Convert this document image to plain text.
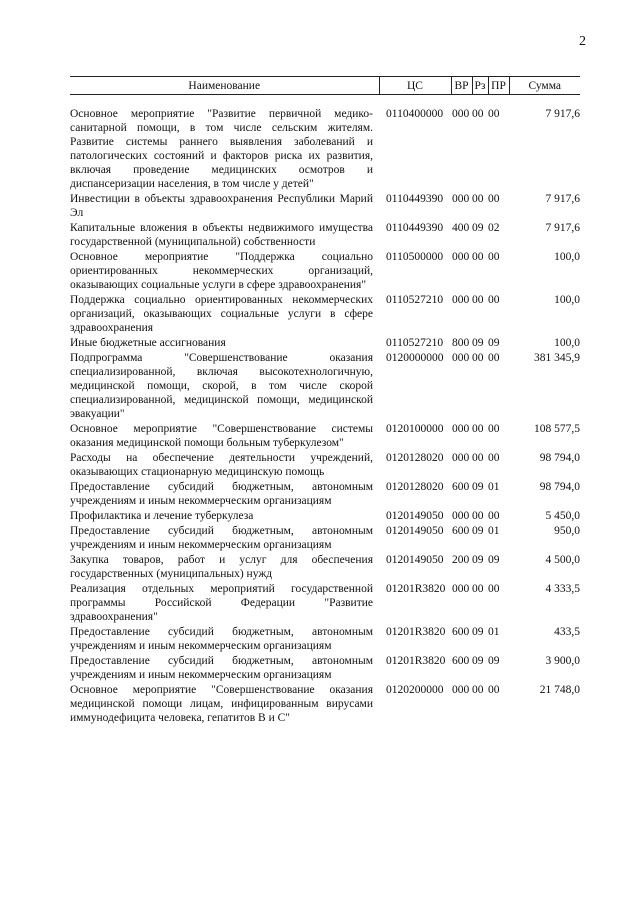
2
Наименование	ЦС	ВР	Рз	ПР	Сумма
Основное мероприятие "Развитие первичной медико-санитарной помощи, в том числе сельским жителям. Развитие системы раннего выявления заболеваний и патологических состояний и факторов риска их развития, включая проведение медицинских осмотров и диспансеризации населения, в том числе у детей"	0110400000	000	00	00	7 917,6
Инвестиции в объекты здравоохранения Республики Марий Эл	0110449390	000	00	00	7 917,6
Капитальные вложения в объекты недвижимого имущества государственной (муниципальной) собственности	0110449390	400	09	02	7 917,6
Основное мероприятие "Поддержка социально ориентированных некоммерческих организаций, оказывающих социальные услуги в сфере здравоохранения"	0110500000	000	00	00	100,0
Поддержка социально ориентированных некоммерческих организаций, оказывающих социальные услуги в сфере здравоохранения	0110527210	000	00	00	100,0
Иные бюджетные ассигнования	0110527210	800	09	09	100,0
Подпрограмма "Совершенствование оказания специализированной, включая высокотехнологичную, медицинской помощи, скорой, в том числе скорой специализированной, медицинской помощи, медицинской эвакуации"	0120000000	000	00	00	381 345,9
Основное мероприятие "Совершенствование системы оказания медицинской помощи больным туберкулезом"	0120100000	000	00	00	108 577,5
Расходы на обеспечение деятельности учреждений, оказывающих стационарную медицинскую помощь	0120128020	000	00	00	98 794,0
Предоставление субсидий бюджетным, автономным учреждениям и иным некоммерческим организациям	0120128020	600	09	01	98 794,0
Профилактика и лечение туберкулеза	0120149050	000	00	00	5 450,0
Предоставление субсидий бюджетным, автономным учреждениям и иным некоммерческим организациям	0120149050	600	09	01	950,0
Закупка товаров, работ и услуг для обеспечения государственных (муниципальных) нужд	0120149050	200	09	09	4 500,0
Реализация отдельных мероприятий государственной программы Российской Федерации "Развитие здравоохранения"	01201R3820	000	00	00	4 333,5
Предоставление субсидий бюджетным, автономным учреждениям и иным некоммерческим организациям	01201R3820	600	09	01	433,5
Предоставление субсидий бюджетным, автономным учреждениям и иным некоммерческим организациям	01201R3820	600	09	09	3 900,0
Основное мероприятие "Совершенствование оказания медицинской помощи лицам, инфицированным вирусами иммунодефицита человека, гепатитов В и С"	0120200000	000	00	00	21 748,0
